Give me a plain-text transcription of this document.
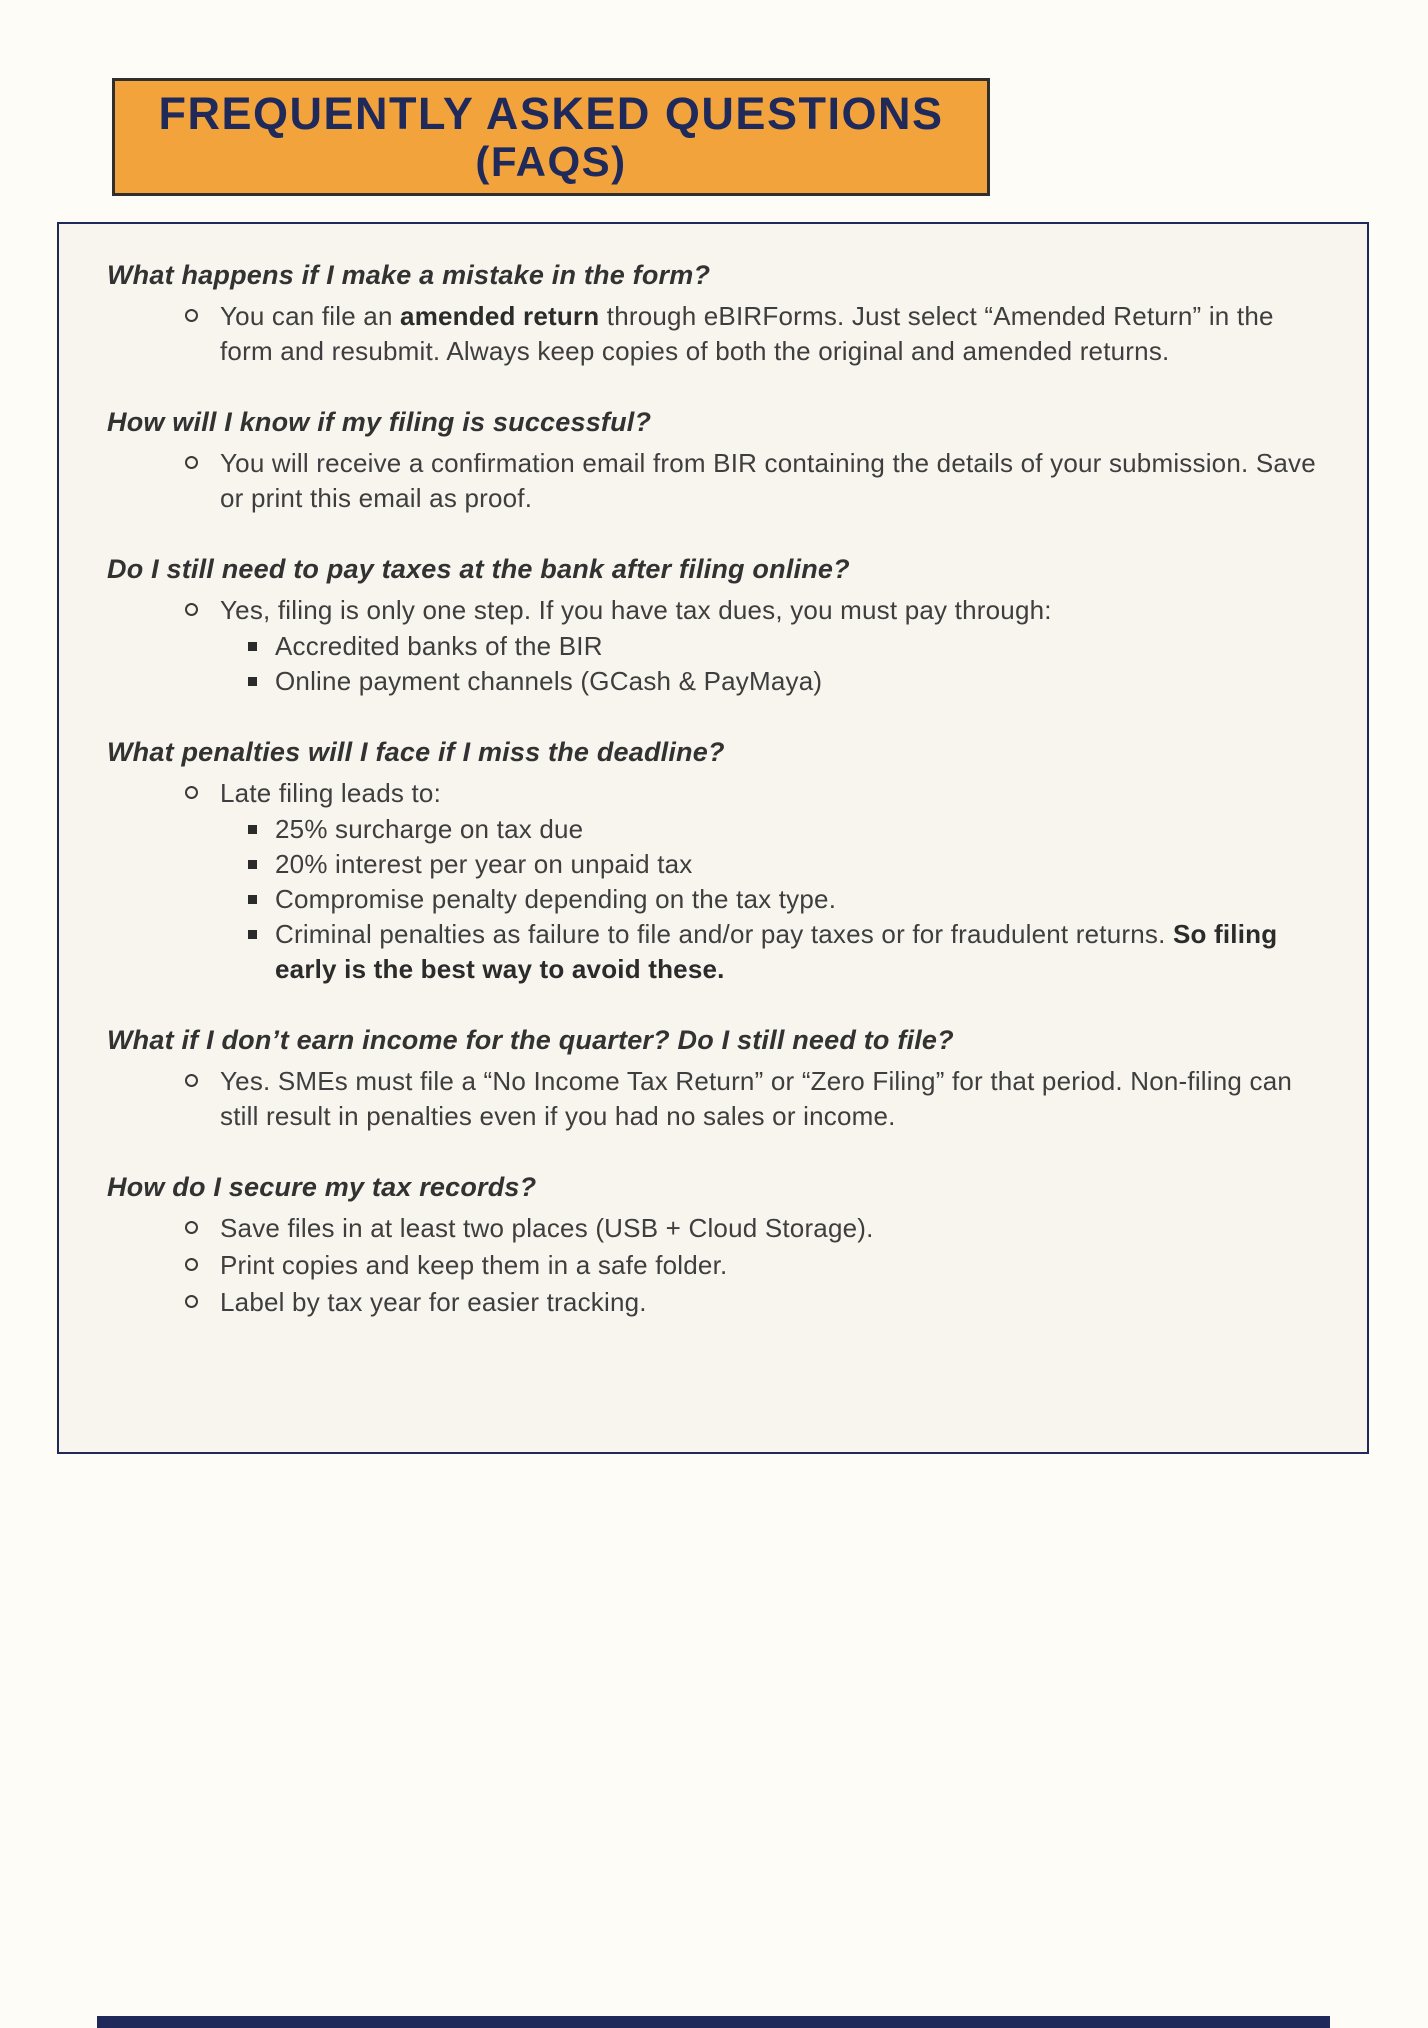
FREQUENTLY ASKED QUESTIONS
(FAQS)
What happens if I make a mistake in the form?
You can file an amended return through eBIRForms. Just select “Amended Return” in the form and resubmit. Always keep copies of both the original and amended returns.
How will I know if my filing is successful?
You will receive a confirmation email from BIR containing the details of your submission. Save or print this email as proof.
Do I still need to pay taxes at the bank after filing online?
Yes, filing is only one step. If you have tax dues, you must pay through:
Accredited banks of the BIR
Online payment channels (GCash & PayMaya)
What penalties will I face if I miss the deadline?
Late filing leads to:
25% surcharge on tax due
20% interest per year on unpaid tax
Compromise penalty depending on the tax type.
Criminal penalties as failure to file and/or pay taxes or for fraudulent returns. So filing early is the best way to avoid these.
What if I don’t earn income for the quarter? Do I still need to file?
Yes. SMEs must file a “No Income Tax Return” or “Zero Filing” for that period. Non-filing can still result in penalties even if you had no sales or income.
How do I secure my tax records?
Save files in at least two places (USB + Cloud Storage).
Print copies and keep them in a safe folder.
Label by tax year for easier tracking.
